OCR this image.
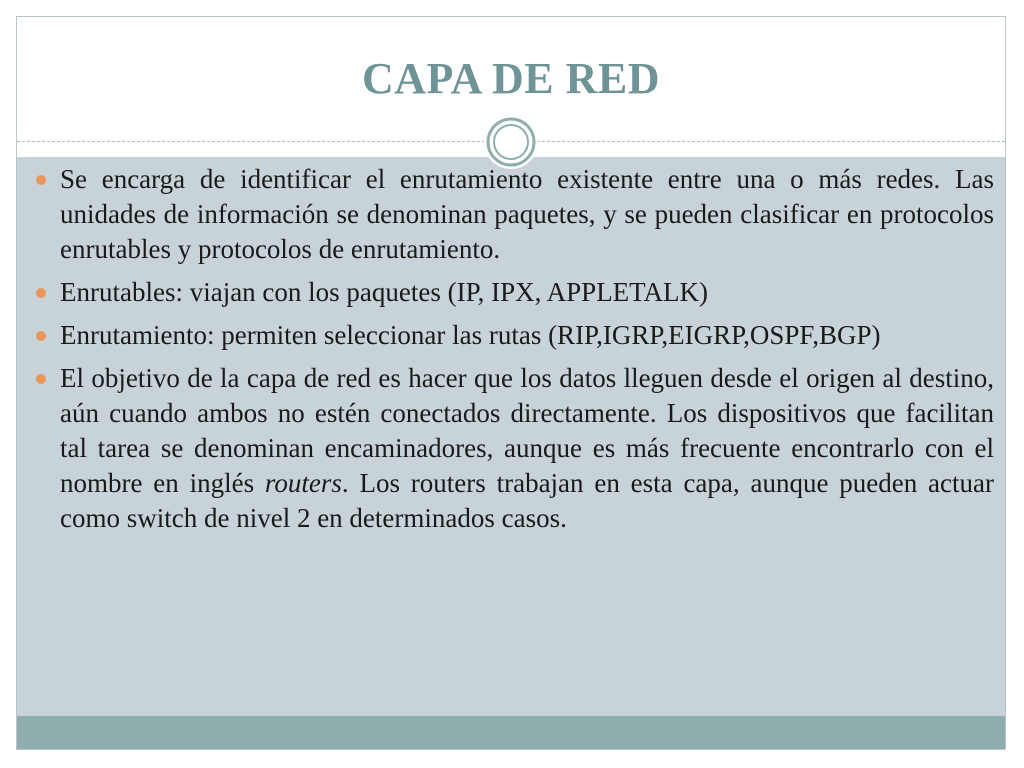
CAPA DE RED
Se encarga de identificar el enrutamiento existente entre una o más redes. Las unidades de información se denominan paquetes, y se pueden clasificar en protocolos enrutables y protocolos de enrutamiento.
Enrutables: viajan con los paquetes (IP, IPX, APPLETALK)
Enrutamiento: permiten seleccionar las rutas (RIP,IGRP,EIGRP,OSPF,BGP)
El objetivo de la capa de red es hacer que los datos lleguen desde el origen al destino, aún cuando ambos no estén conectados directamente. Los dispositivos que facilitan tal tarea se denominan encaminadores, aunque es más frecuente encontrarlo con el nombre en inglés routers. Los routers trabajan en esta capa, aunque pueden actuar como switch de nivel 2 en determinados casos.
